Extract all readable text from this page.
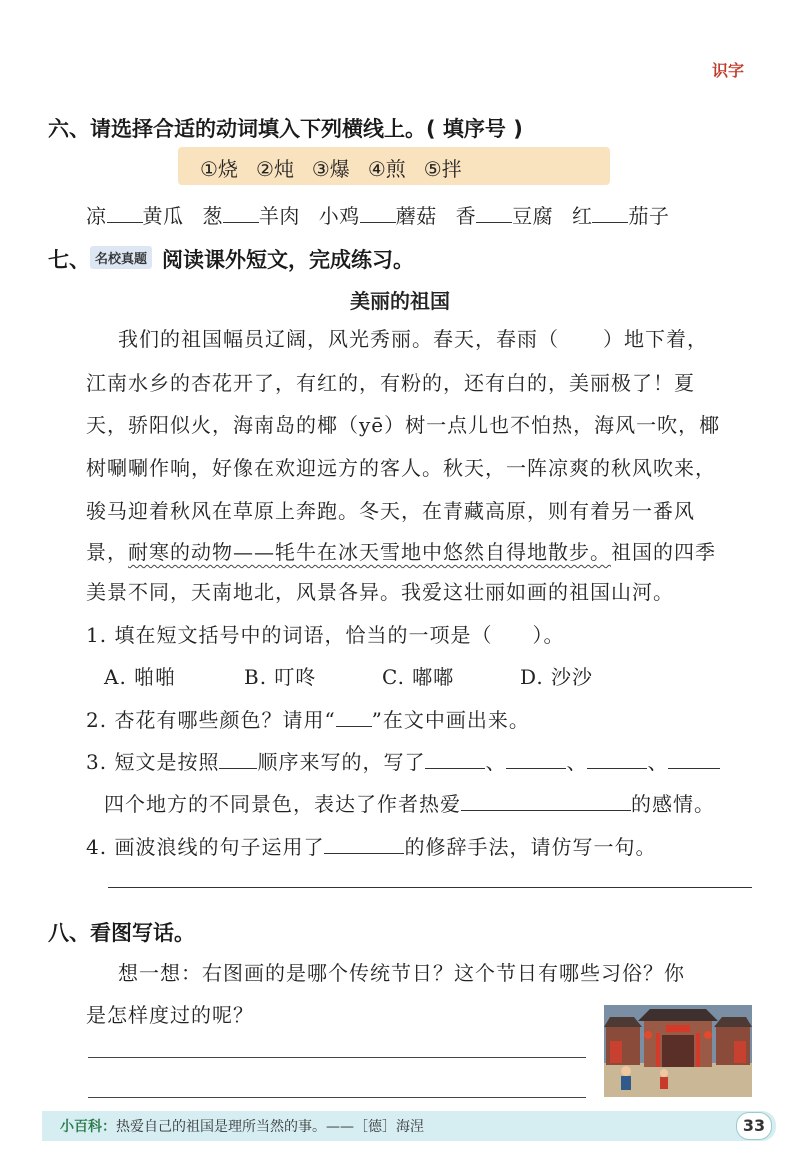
识字
六、请选择合适的动词填入下列横线上。( 填序号 )
①烧 ②炖 ③爆 ④煎 ⑤拌
凉 黄瓜 葱 羊肉 小鸡 蘑菇 香 豆腐 红 茄子
七、 名校真题 阅读课外短文，完成练习。
美丽的祖国
我们的祖国幅员辽阔，风光秀丽。春天，春雨（ ）地下着，
江南水乡的杏花开了，有红的，有粉的，还有白的，美丽极了！夏
天，骄阳似火，海南岛的椰（yē）树一点儿也不怕热，海风一吹，椰
树唰唰作响，好像在欢迎远方的客人。秋天，一阵凉爽的秋风吹来，
骏马迎着秋风在草原上奔跑。冬天，在青藏高原，则有着另一番风
景，耐寒的动物——牦牛在冰天雪地中悠然自得地散步。祖国的四季
美景不同，天南地北，风景各异。我爱这壮丽如画的祖国山河。
1. 填在短文括号中的词语，恰当的一项是（ ）。
A. 啪啪	B. 叮咚	C. 嘟嘟	D. 沙沙
2. 杏花有哪些颜色？请用“ ”在文中画出来。
3. 短文是按照 顺序来写的，写了	、	、	、
四个地方的不同景色，表达了作者热爱	的感情。
4. 画波浪线的句子运用了	的修辞手法，请仿写一句。
八、看图写话。
想一想：右图画的是哪个传统节日？这个节日有哪些习俗？你
是怎样度过的呢？
小百科：热爱自己的祖国是理所当然的事。——［德］海涅	33
